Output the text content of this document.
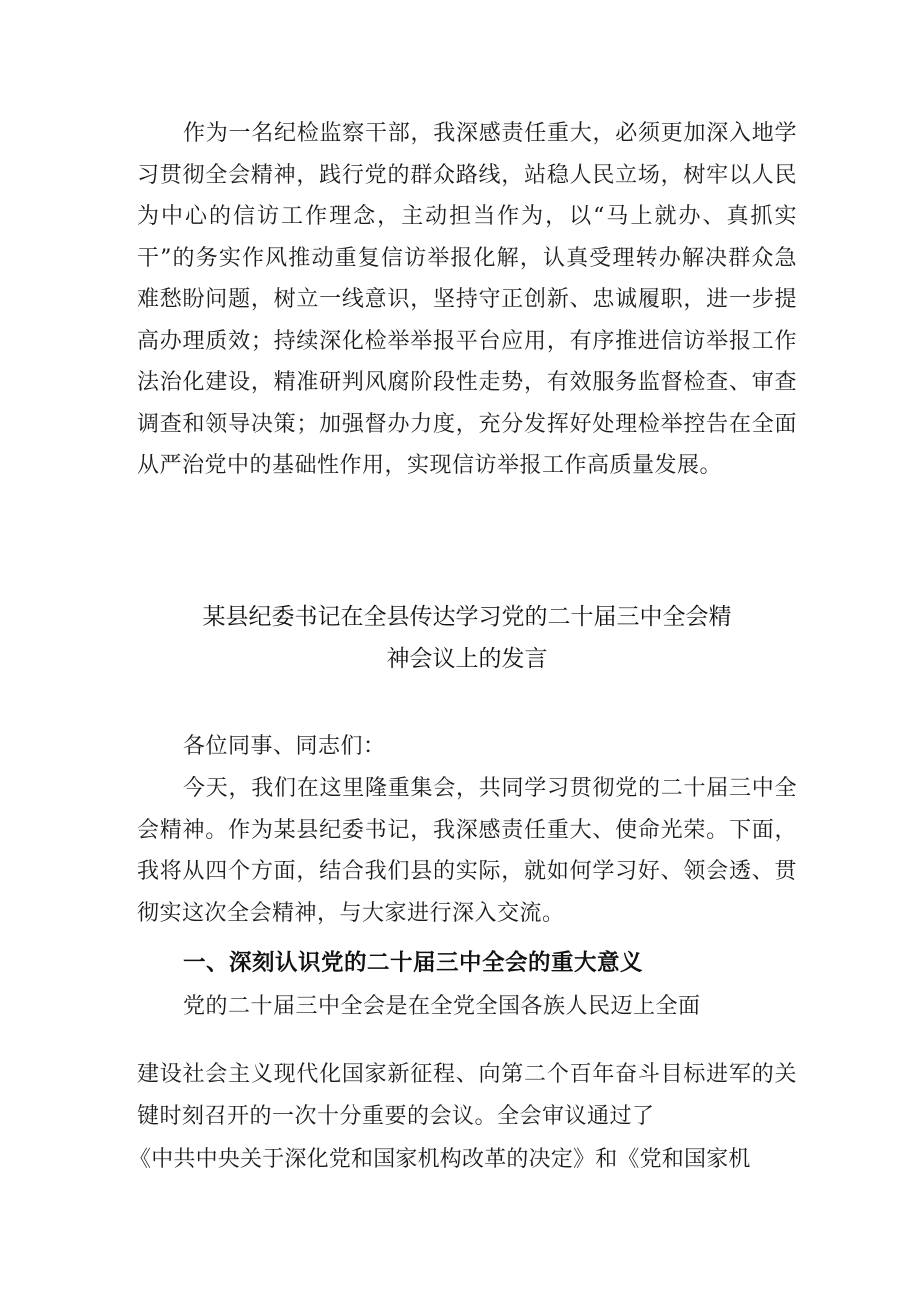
作为一名纪检监察干部，我深感责任重大，必须更加深入地学习贯彻全会精神，践行党的群众路线，站稳人民立场，树牢以人民为中心的信访工作理念，主动担当作为，以“马上就办、真抓实干”的务实作风推动重复信访举报化解，认真受理转办解决群众急难愁盼问题，树立一线意识，坚持守正创新、忠诚履职，进一步提高办理质效；持续深化检举举报平台应用，有序推进信访举报工作法治化建设，精准研判风腐阶段性走势，有效服务监督检查、审查调查和领导决策；加强督办力度，充分发挥好处理检举控告在全面从严治党中的基础性作用，实现信访举报工作高质量发展。

某县纪委书记在全县传达学习党的二十届三中全会精

神会议上的发言

各位同事、同志们：

今天，我们在这里隆重集会，共同学习贯彻党的二十届三中全会精神。作为某县纪委书记，我深感责任重大、使命光荣。下面，我将从四个方面，结合我们县的实际，就如何学习好、领会透、贯彻实这次全会精神，与大家进行深入交流。

一、深刻认识党的二十届三中全会的重大意义

党的二十届三中全会是在全党全国各族人民迈上全面

建设社会主义现代化国家新征程、向第二个百年奋斗目标进军的关键时刻召开的一次十分重要的会议。全会审议通过了

《中共中央关于深化党和国家机构改革的决定》和《党和国家机
